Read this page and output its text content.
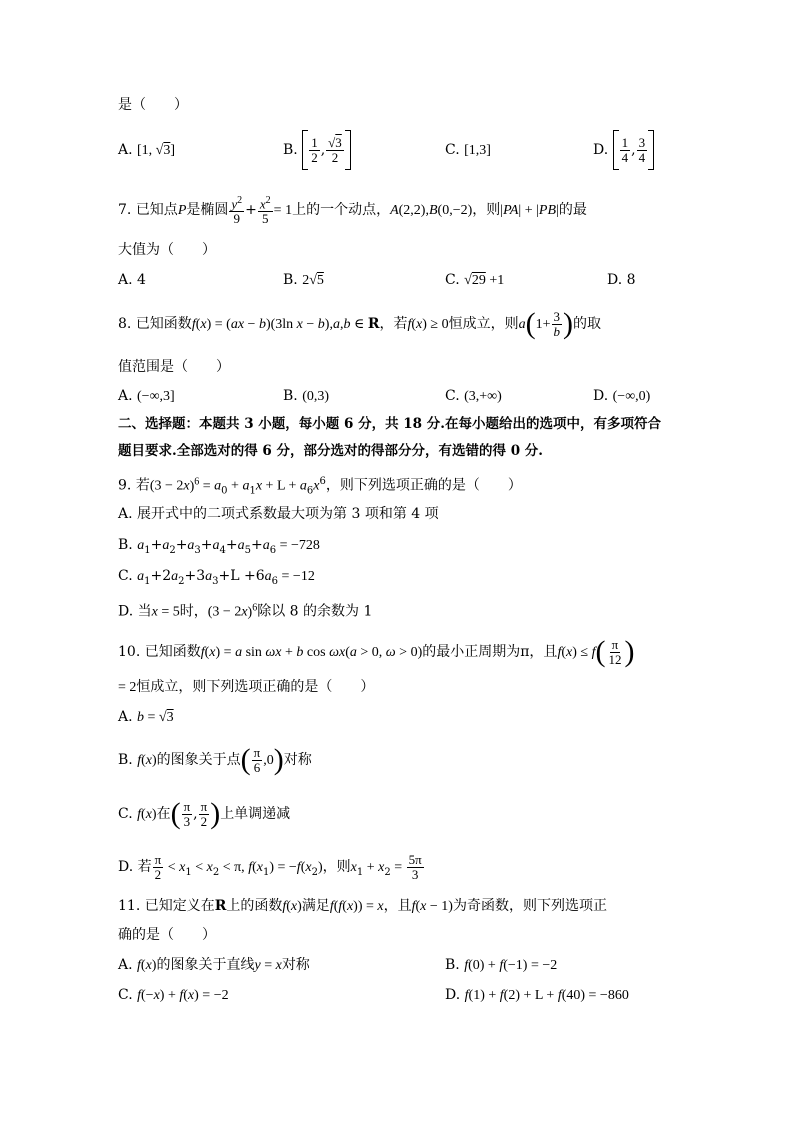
是（　　）
A. [1, √3]	B. $\frac{1}{2}$ , $\frac{√3}{2}$	C. [1,3]	D. $\frac{1}{4}$ , $\frac{3}{4}$
7. 已知点P是椭圆 $\frac{y^2}{9} + \frac{x^2}{5} = 1$上的一个动点，A(2,2),B(0,−2)，则|PA| + |PB|的最
大值为（　　）
A. 4	B. 2√5	C. √29 +1	D. 8
8. 已知函数f(x) = (ax − b)(3ln x − b),a,b ∈ R，若f(x) ≥ 0恒成立，则$a(1+ \frac{3}{b}$ )的取
值范围是（　　）
A. (−∞,3]	B. (0,3)	C. (3,+∞)	D. (−∞,0)
二、选择题：本题共 3 小题，每小题 6 分，共 18 分.在每小题给出的选项中，有多项符合
题目要求.全部选对的得 6 分，部分选对的得部分分，有选错的得 0 分.
9. 若$(3 - 2x)^6 = a_0 + a_1x + L + a_6x^6$，则下列选项正确的是（　　）
A. 展开式中的二项式系数最大项为第 3 项和第 4 项
B. $a_1+a_2+a_3+a_4+a_5+a_6 = -728$
C. $a_1+2a_2+3a_3+L +6a_6 = -12$
D. 当x = 5时，$(3 - 2x)^6$除以 8 的余数为 1
10. 已知函数f(x) = a sin ωx + b cos ωx(a > 0, ω > 0)的最小正周期为π，且$f(x) \le f( \frac{\pi}{12}$ )
= 2恒成立，则下列选项正确的是（　　）
A. b = √3
B. f(x)的图象关于点( $\frac{\pi}{6} ,0$)对称
C. f(x)在( $\frac{\pi}{3}$ , $\frac{\pi}{2}$ )上单调递减
D. 若 $\frac{\pi}{2} < x_1 < x_2 < \pi$, $f(x_1) = -f(x_2)$，则$x_1 + x_2 = \frac{5\pi}{3}$
11. 已知定义在R上的函数f(x)满足f(f(x)) = x，且f(x − 1)为奇函数，则下列选项正
确的是（　　）
A. f(x)的图象关于直线y = x对称	B. f(0) + f(−1) = −2
C. f(−x) + f(x) = −2	D. f(1) + f(2) + L + f(40) = −860
